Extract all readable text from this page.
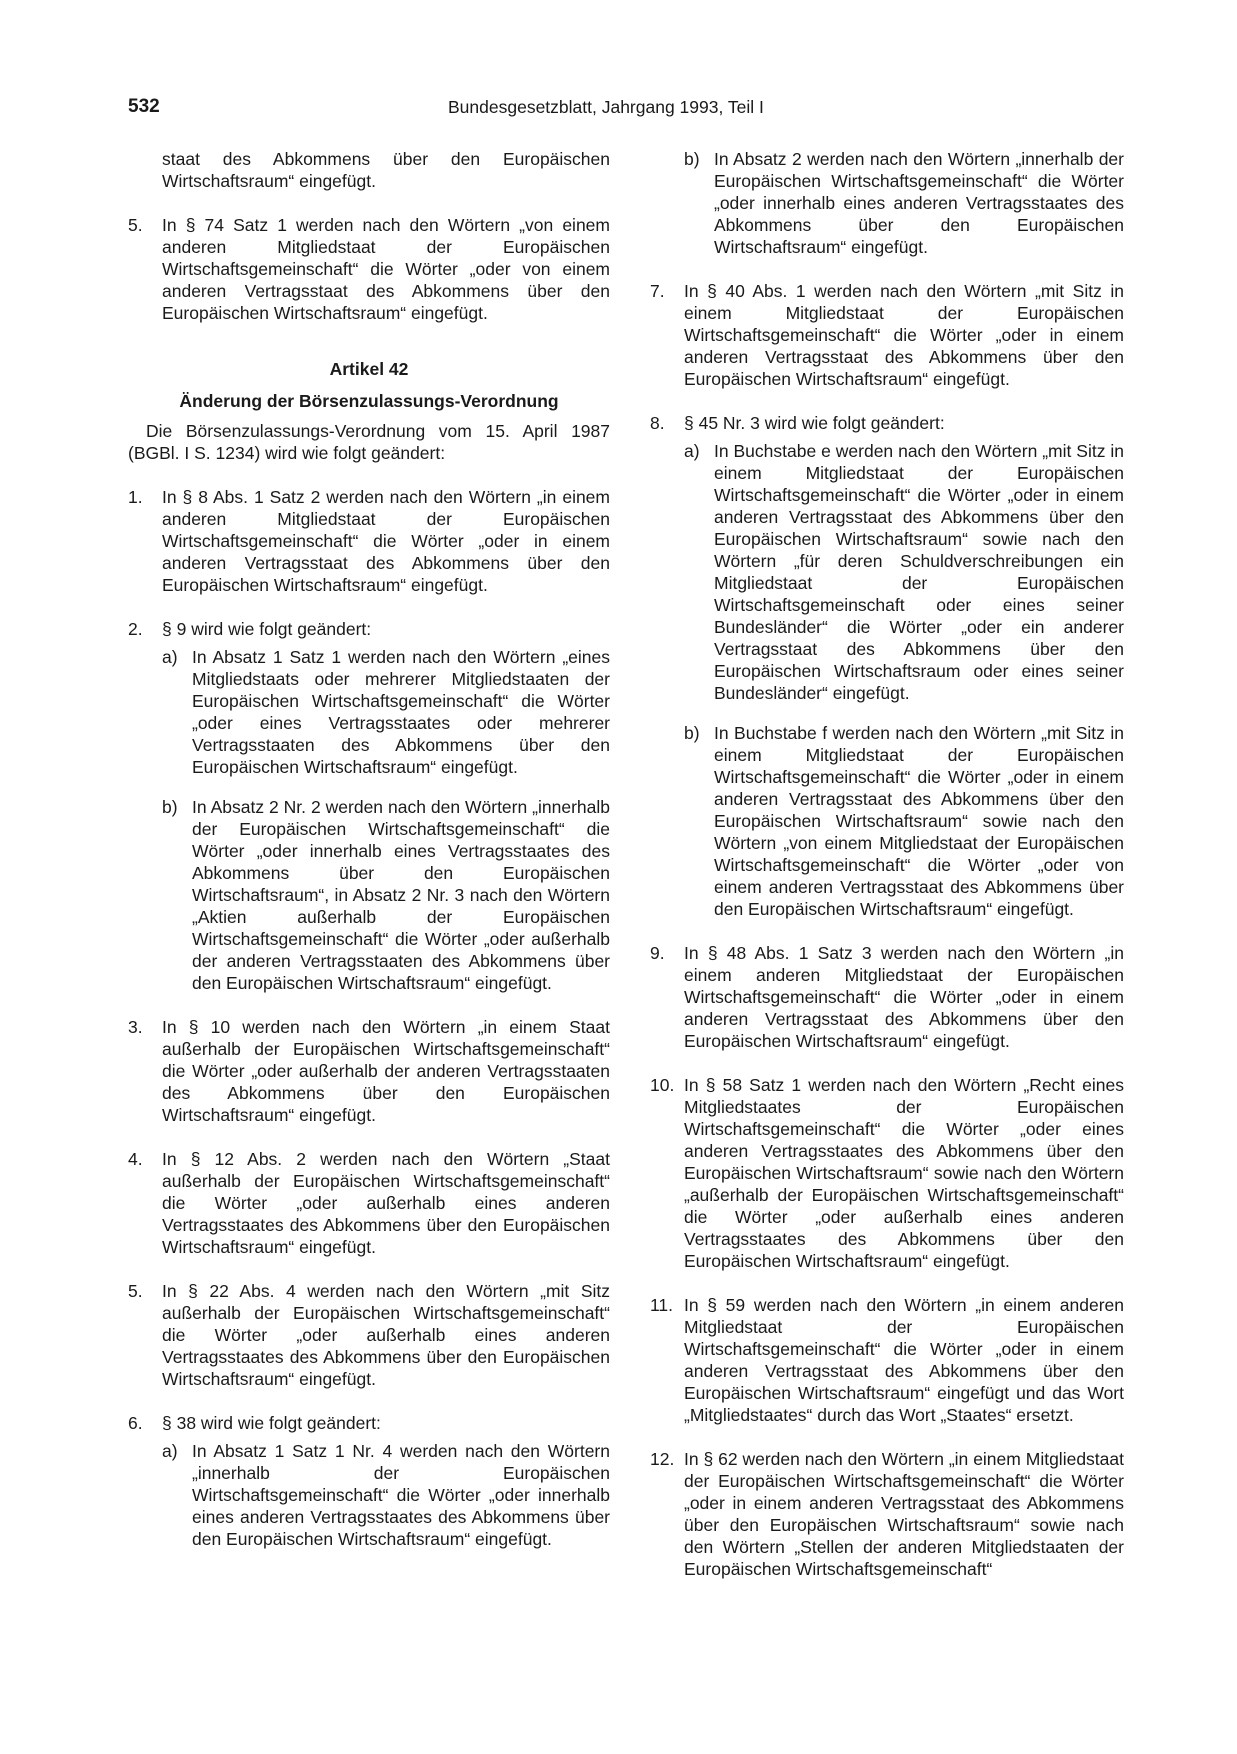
532	Bundesgesetzblatt, Jahrgang 1993, Teil I

staat des Abkommens über den Europäischen Wirtschaftsraum“ eingefügt.

5.	In § 74 Satz 1 werden nach den Wörtern „von einem anderen Mitgliedstaat der Europäischen Wirtschaftsgemeinschaft“ die Wörter „oder von einem anderen Vertragsstaat des Abkommens über den Europäischen Wirtschaftsraum“ eingefügt.
Artikel 42
Änderung der Börsenzulassungs-Verordnung

Die Börsenzulassungs-Verordnung vom 15. April 1987 (BGBl. I S. 1234) wird wie folgt geändert:

1.	In § 8 Abs. 1 Satz 2 werden nach den Wörtern „in einem anderen Mitgliedstaat der Europäischen Wirtschaftsgemeinschaft“ die Wörter „oder in einem anderen Vertragsstaat des Abkommens über den Europäischen Wirtschaftsraum“ eingefügt.
2.	§ 9 wird wie folgt geändert:
a) In Absatz 1 Satz 1 werden nach den Wörtern „eines Mitgliedstaats oder mehrerer Mitgliedstaaten der Europäischen Wirtschaftsgemeinschaft“ die Wörter „oder eines Vertragsstaates oder mehrerer Vertragsstaaten des Abkommens über den Europäischen Wirtschaftsraum“ eingefügt.
b) In Absatz 2 Nr. 2 werden nach den Wörtern „innerhalb der Europäischen Wirtschaftsgemeinschaft“ die Wörter „oder innerhalb eines Vertragsstaates des Abkommens über den Europäischen Wirtschaftsraum“, in Absatz 2 Nr. 3 nach den Wörtern „Aktien außerhalb der Europäischen Wirtschaftsgemeinschaft“ die Wörter „oder außerhalb der anderen Vertragsstaaten des Abkommens über den Europäischen Wirtschaftsraum“ eingefügt.
3.	In § 10 werden nach den Wörtern „in einem Staat außerhalb der Europäischen Wirtschaftsgemeinschaft“ die Wörter „oder außerhalb der anderen Vertragsstaaten des Abkommens über den Europäischen Wirtschaftsraum“ eingefügt.
4.	In § 12 Abs. 2 werden nach den Wörtern „Staat außerhalb der Europäischen Wirtschaftsgemeinschaft“ die Wörter „oder außerhalb eines anderen Vertragsstaates des Abkommens über den Europäischen Wirtschaftsraum“ eingefügt.
5.	In § 22 Abs. 4 werden nach den Wörtern „mit Sitz außerhalb der Europäischen Wirtschaftsgemeinschaft“ die Wörter „oder außerhalb eines anderen Vertragsstaates des Abkommens über den Europäischen Wirtschaftsraum“ eingefügt.
6.	§ 38 wird wie folgt geändert:
a) In Absatz 1 Satz 1 Nr. 4 werden nach den Wörtern „innerhalb der Europäischen Wirtschaftsgemeinschaft“ die Wörter „oder innerhalb eines anderen Vertragsstaates des Abkommens über den Europäischen Wirtschaftsraum“ eingefügt.
b) In Absatz 2 werden nach den Wörtern „innerhalb der Europäischen Wirtschaftsgemeinschaft“ die Wörter „oder innerhalb eines anderen Vertragsstaates des Abkommens über den Europäischen Wirtschaftsraum“ eingefügt.
7.	In § 40 Abs. 1 werden nach den Wörtern „mit Sitz in einem Mitgliedstaat der Europäischen Wirtschaftsgemeinschaft“ die Wörter „oder in einem anderen Vertragsstaat des Abkommens über den Europäischen Wirtschaftsraum“ eingefügt.
8.	§ 45 Nr. 3 wird wie folgt geändert:
a) In Buchstabe e werden nach den Wörtern „mit Sitz in einem Mitgliedstaat der Europäischen Wirtschaftsgemeinschaft“ die Wörter „oder in einem anderen Vertragsstaat des Abkommens über den Europäischen Wirtschaftsraum“ sowie nach den Wörtern „für deren Schuldverschreibungen ein Mitgliedstaat der Europäischen Wirtschaftsgemeinschaft oder eines seiner Bundesländer“ die Wörter „oder ein anderer Vertragsstaat des Abkommens über den Europäischen Wirtschaftsraum oder eines seiner Bundesländer“ eingefügt.
b) In Buchstabe f werden nach den Wörtern „mit Sitz in einem Mitgliedstaat der Europäischen Wirtschaftsgemeinschaft“ die Wörter „oder in einem anderen Vertragsstaat des Abkommens über den Europäischen Wirtschaftsraum“ sowie nach den Wörtern „von einem Mitgliedstaat der Europäischen Wirtschaftsgemeinschaft“ die Wörter „oder von einem anderen Vertragsstaat des Abkommens über den Europäischen Wirtschaftsraum“ eingefügt.
9.	In § 48 Abs. 1 Satz 3 werden nach den Wörtern „in einem anderen Mitgliedstaat der Europäischen Wirtschaftsgemeinschaft“ die Wörter „oder in einem anderen Vertragsstaat des Abkommens über den Europäischen Wirtschaftsraum“ eingefügt.
10. In § 58 Satz 1 werden nach den Wörtern „Recht eines Mitgliedstaates der Europäischen Wirtschaftsgemeinschaft“ die Wörter „oder eines anderen Vertragsstaates des Abkommens über den Europäischen Wirtschaftsraum“ sowie nach den Wörtern „außerhalb der Europäischen Wirtschaftsgemeinschaft“ die Wörter „oder außerhalb eines anderen Vertragsstaates des Abkommens über den Europäischen Wirtschaftsraum“ eingefügt.
11. In § 59 werden nach den Wörtern „in einem anderen Mitgliedstaat der Europäischen Wirtschaftsgemeinschaft“ die Wörter „oder in einem anderen Vertragsstaat des Abkommens über den Europäischen Wirtschaftsraum“ eingefügt und das Wort „Mitgliedstaates“ durch das Wort „Staates“ ersetzt.
12. In § 62 werden nach den Wörtern „in einem Mitgliedstaat der Europäischen Wirtschaftsgemeinschaft“ die Wörter „oder in einem anderen Vertragsstaat des Abkommens über den Europäischen Wirtschaftsraum“ sowie nach den Wörtern „Stellen der anderen Mitgliedstaaten der Europäischen Wirtschaftsgemeinschaft“
